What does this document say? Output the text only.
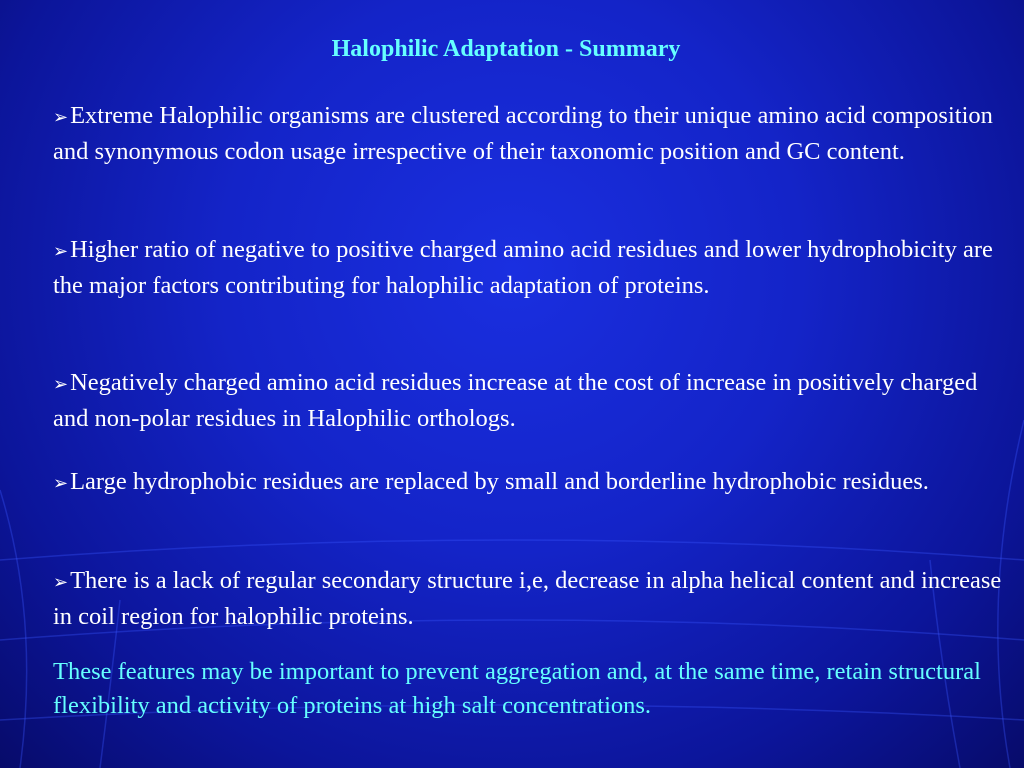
Halophilic Adaptation - Summary
➢Extreme Halophilic organisms are clustered according to their unique amino acid composition and synonymous codon usage irrespective of their taxonomic position and GC content.
➢Higher ratio of negative to positive charged amino acid residues and lower hydrophobicity are the major factors contributing for halophilic adaptation of proteins.
➢Negatively charged amino acid residues increase at the cost of increase in positively charged and non-polar residues in Halophilic orthologs.
➢Large hydrophobic residues are replaced by small and borderline hydrophobic residues.
➢There is a lack of regular secondary structure i,e, decrease in alpha helical content and increase in coil region for halophilic proteins.
These features may be important to prevent aggregation and, at the same time, retain structural flexibility and activity of proteins at high salt concentrations.
